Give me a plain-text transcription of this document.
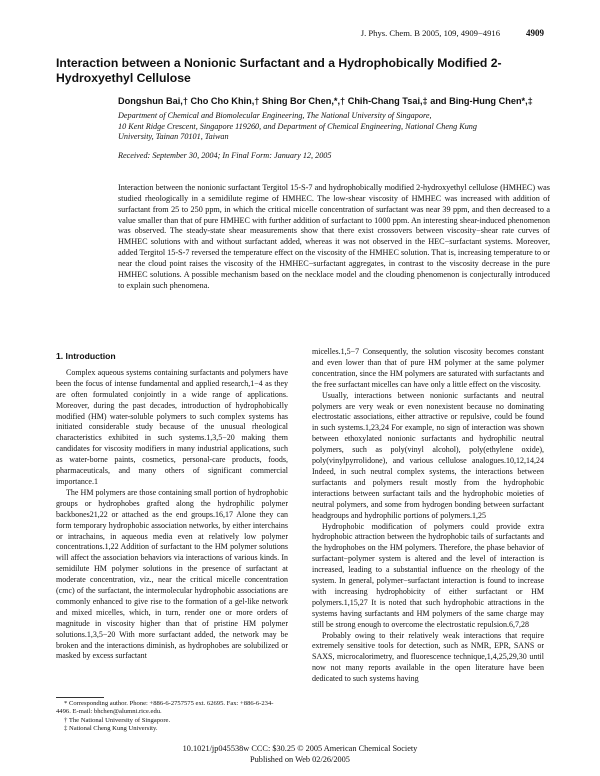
J. Phys. Chem. B 2005, 109, 4909−4916	4909
Interaction between a Nonionic Surfactant and a Hydrophobically Modified 2-Hydroxyethyl Cellulose
Dongshun Bai,† Cho Cho Khin,† Shing Bor Chen,*,† Chih-Chang Tsai,‡ and Bing-Hung Chen*,‡
Department of Chemical and Biomolecular Engineering, The National University of Singapore,
10 Kent Ridge Crescent, Singapore 119260, and Department of Chemical Engineering, National Cheng Kung
University, Tainan 70101, Taiwan
Received: September 30, 2004; In Final Form: January 12, 2005

Interaction between the nonionic surfactant Tergitol 15-S-7 and hydrophobically modified 2-hydroxyethyl cellulose (HMHEC) was studied rheologically in a semidilute regime of HMHEC. The low-shear viscosity of HMHEC was increased with addition of surfactant from 25 to 250 ppm, in which the critical micelle concentration of surfactant was near 39 ppm, and then decreased to a value smaller than that of pure HMHEC with further addition of surfactant to 1000 ppm. An interesting shear-induced phenomenon was observed. The steady-state shear measurements show that there exist crossovers between viscosity−shear rate curves of HMHEC solutions with and without surfactant added, whereas it was not observed in the HEC−surfactant systems. Moreover, added Tergitol 15-S-7 reversed the temperature effect on the viscosity of the HMHEC solution. That is, increasing temperature to or near the cloud point raises the viscosity of the HMHEC−surfactant aggregates, in contrast to the viscosity decrease in the pure HMHEC solutions. A possible mechanism based on the necklace model and the clouding phenomenon is conjecturally introduced to explain such phenomena.

1. Introduction

Complex aqueous systems containing surfactants and polymers have been the focus of intense fundamental and applied research,1−4 as they are often formulated conjointly in a wide range of applications. Moreover, during the past decades, introduction of hydrophobically modified (HM) water-soluble polymers to such complex systems has initiated considerable study because of the unusual rheological characteristics exhibited in such systems.1,3,5−20 making them candidates for viscosity modifiers in many industrial applications, such as water-borne paints, cosmetics, personal-care products, foods, pharmaceuticals, and many others of significant commercial importance.1

The HM polymers are those containing small portion of hydrophobic groups or hydrophobes grafted along the hydrophilic polymer backbones21,22 or attached as the end groups.16,17 Alone they can form temporary hydrophobic association networks, by either interchains or intrachains, in aqueous media even at relatively low polymer concentrations.1,22 Addition of surfactant to the HM polymer solutions will affect the association behaviors via interactions of various kinds. In semidilute HM polymer solutions in the presence of surfactant at moderate concentration, viz., near the critical micelle concentration (cmc) of the surfactant, the intermolecular hydrophobic associations are commonly enhanced to give rise to the formation of a gel-like network and mixed micelles, which, in turn, render one or more orders of magnitude in viscosity higher than that of pristine HM polymer solutions.1,3,5−20 With more surfactant added, the network may be broken and the interactions diminish, as hydrophobes are solubilized or masked by excess surfactant

micelles.1,5−7 Consequently, the solution viscosity becomes constant and even lower than that of pure HM polymer at the same polymer concentration, since the HM polymers are saturated with surfactants and the free surfactant micelles can have only a little effect on the viscosity.

Usually, interactions between nonionic surfactants and neutral polymers are very weak or even nonexistent because no dominating electrostatic associations, either attractive or repulsive, could be found in such systems.1,23,24 For example, no sign of interaction was shown between ethoxylated nonionic surfactants and hydrophilic neutral polymers, such as poly(vinyl alcohol), poly(ethylene oxide), poly(vinylpyrrolidone), and various cellulose analogues.10,12,14,24 Indeed, in such neutral complex systems, the interactions between surfactants and polymers result mostly from the hydrophobic interactions between surfactant tails and the hydrophobic moieties of neutral polymers, and some from hydrogen bonding between surfactant headgroups and hydrophilic portions of polymers.1,25

Hydrophobic modification of polymers could provide extra hydrophobic attraction between the hydrophobic tails of surfactants and the hydrophobes on the HM polymers. Therefore, the phase behavior of surfactant−polymer system is altered and the level of interaction is increased, leading to a substantial influence on the rheology of the system. In general, polymer−surfactant interaction is found to increase with increasing hydrophobicity of either surfactant or HM polymers.1,15,27 It is noted that such hydrophobic attractions in the systems having surfactants and HM polymers of the same charge may still be strong enough to overcome the electrostatic repulsion.6,7,28

Probably owing to their relatively weak interactions that require extremely sensitive tools for detection, such as NMR, EPR, SANS or SAXS, microcalorimetry, and fluorescence technique,1,4,25,29,30 until now not many reports available in the open literature have been dedicated to such systems having

* Corresponding author. Phone: +886-6-2757575 ext. 62695. Fax: +886-6-234-4496. E-mail: bhchen@alumni.rice.edu.
† The National University of Singapore.
‡ National Cheng Kung University.
10.1021/jp045538w CCC: $30.25 © 2005 American Chemical Society
Published on Web 02/26/2005
